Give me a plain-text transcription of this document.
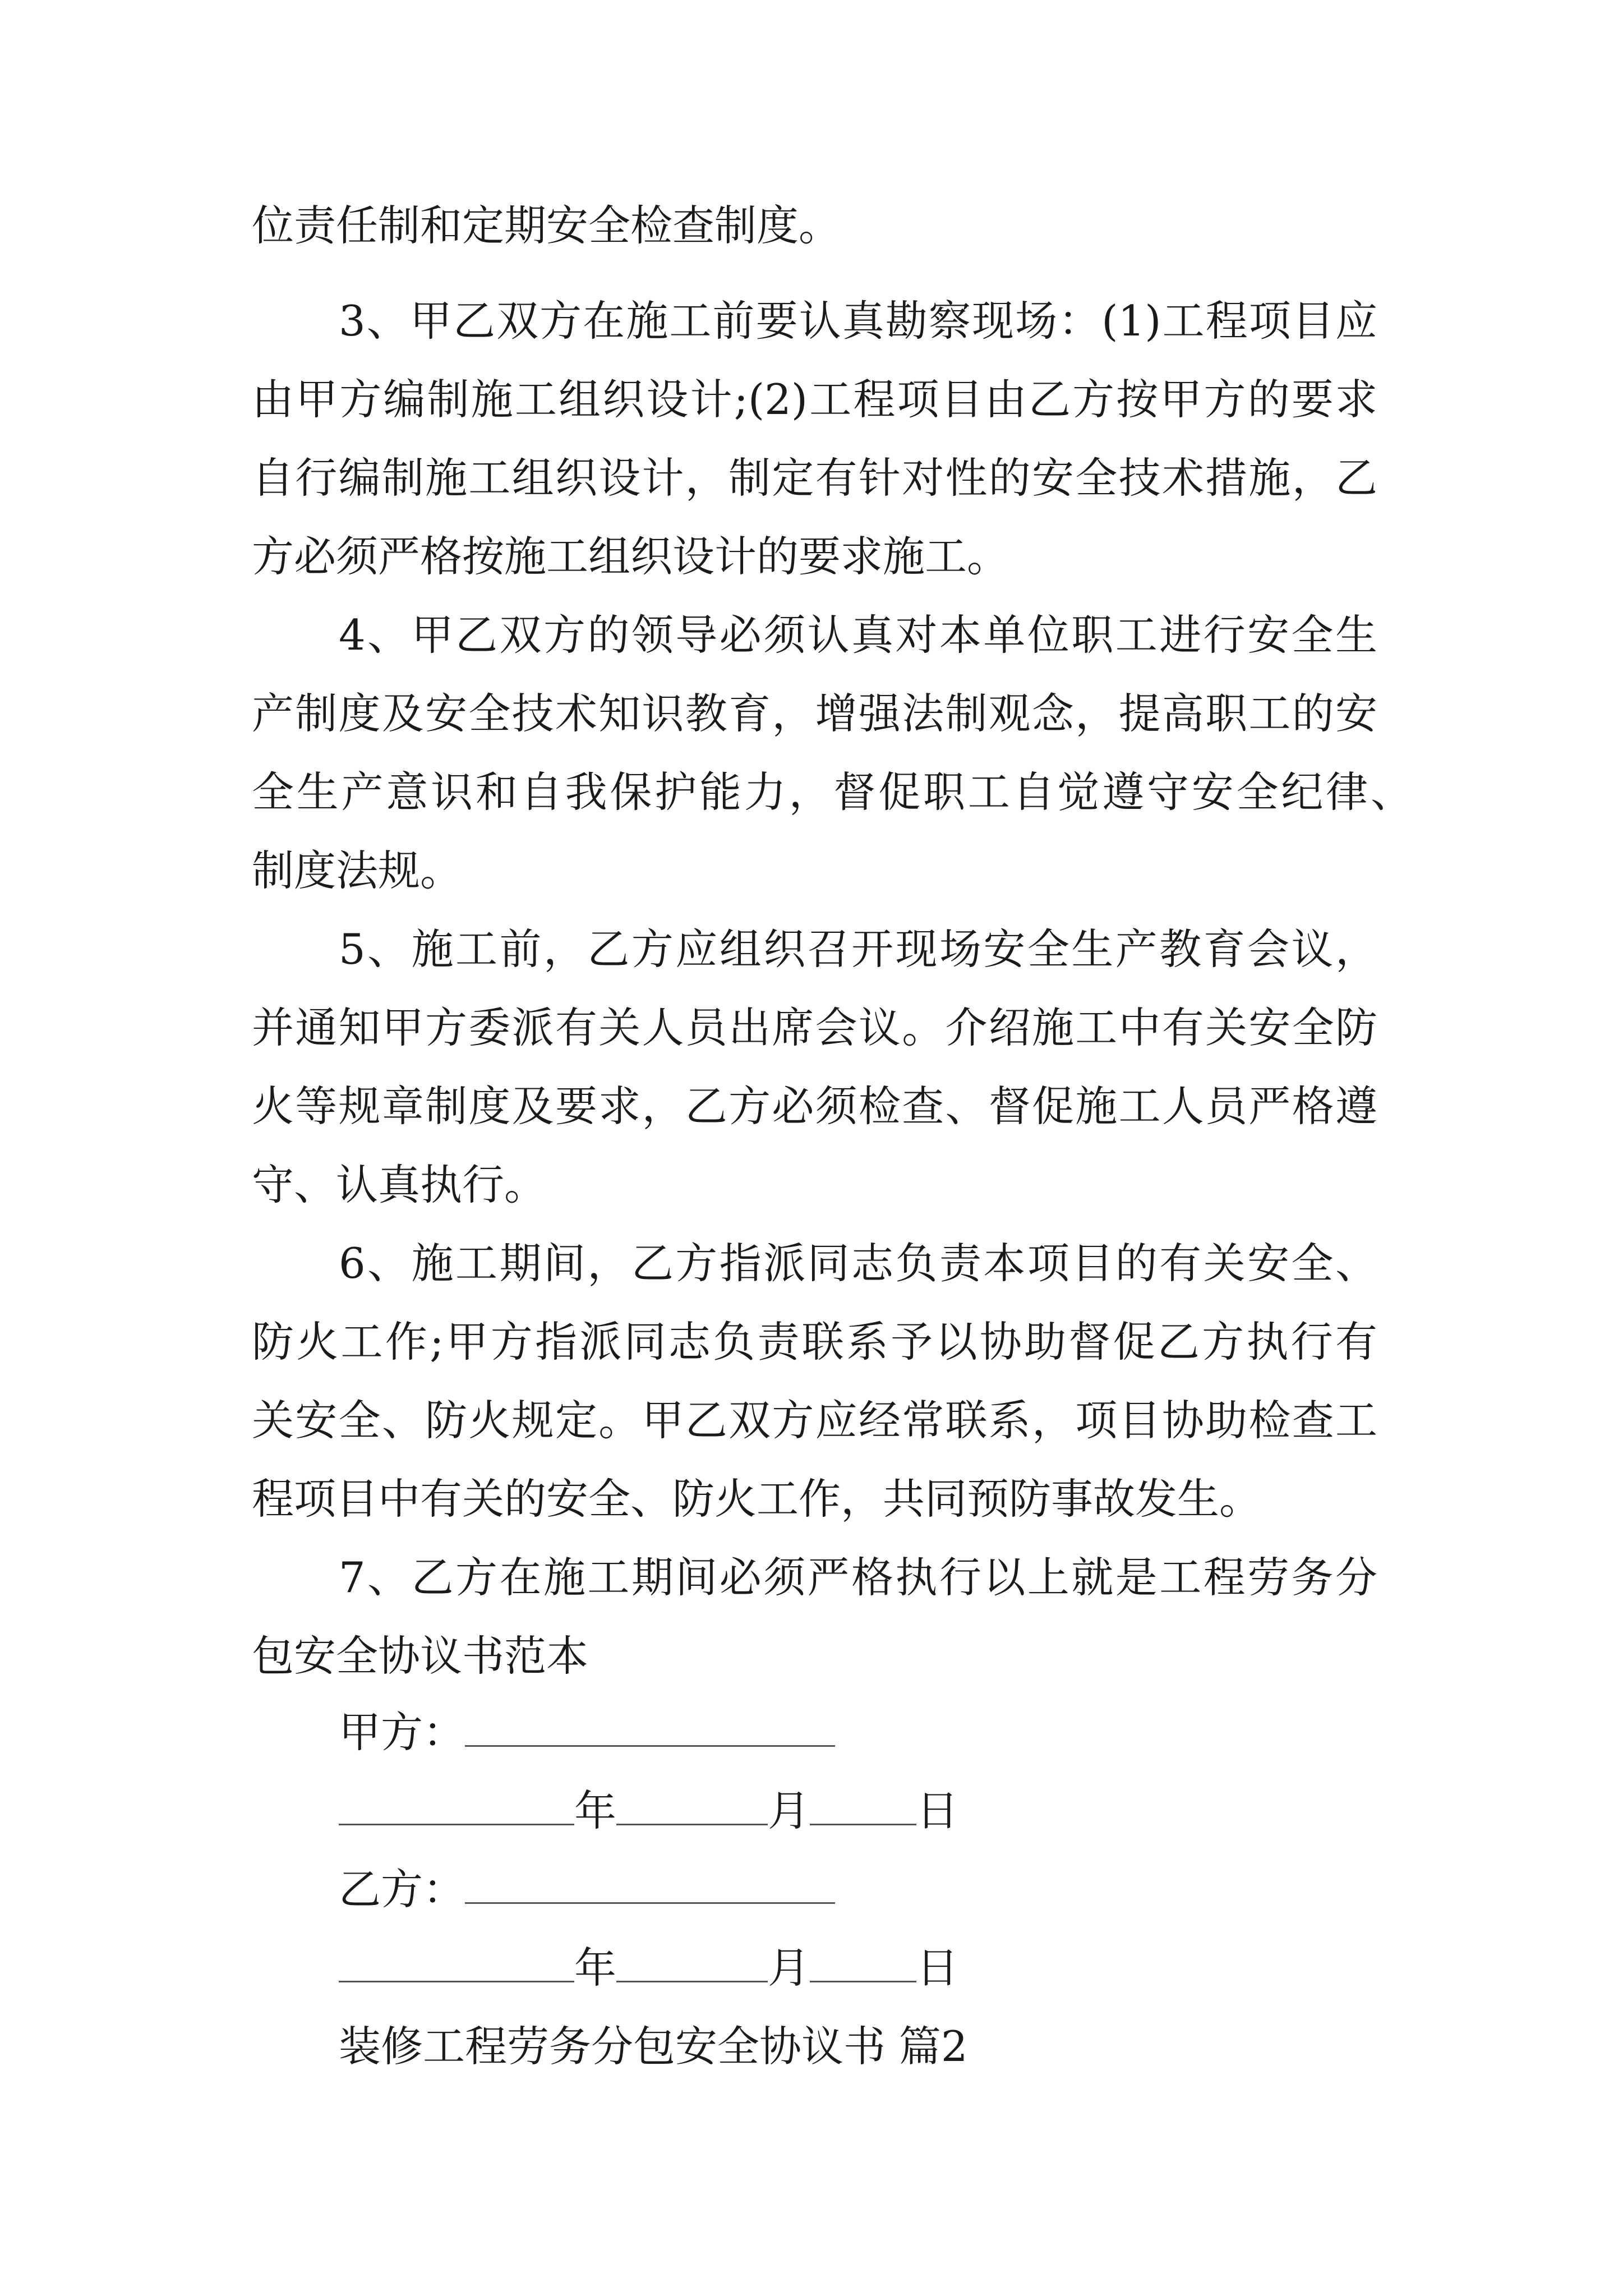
位责任制和定期安全检查制度。
3、甲乙双方在施工前要认真勘察现场：(1)工程项目应
由甲方编制施工组织设计;(2)工程项目由乙方按甲方的要求
自行编制施工组织设计，制定有针对性的安全技术措施，乙
方必须严格按施工组织设计的要求施工。
4、甲乙双方的领导必须认真对本单位职工进行安全生
产制度及安全技术知识教育，增强法制观念，提高职工的安
全生产意识和自我保护能力，督促职工自觉遵守安全纪律、
制度法规。
5、施工前，乙方应组织召开现场安全生产教育会议，
并通知甲方委派有关人员出席会议。介绍施工中有关安全防
火等规章制度及要求，乙方必须检查、督促施工人员严格遵
守、认真执行。
6、施工期间，乙方指派同志负责本项目的有关安全、
防火工作;甲方指派同志负责联系予以协助督促乙方执行有
关安全、防火规定。甲乙双方应经常联系，项目协助检查工
程项目中有关的安全、防火工作，共同预防事故发生。
7、乙方在施工期间必须严格执行以上就是工程劳务分
包安全协议书范本
甲方：
年	月	日
乙方：
年	月	日
装修工程劳务分包安全协议书 篇2
